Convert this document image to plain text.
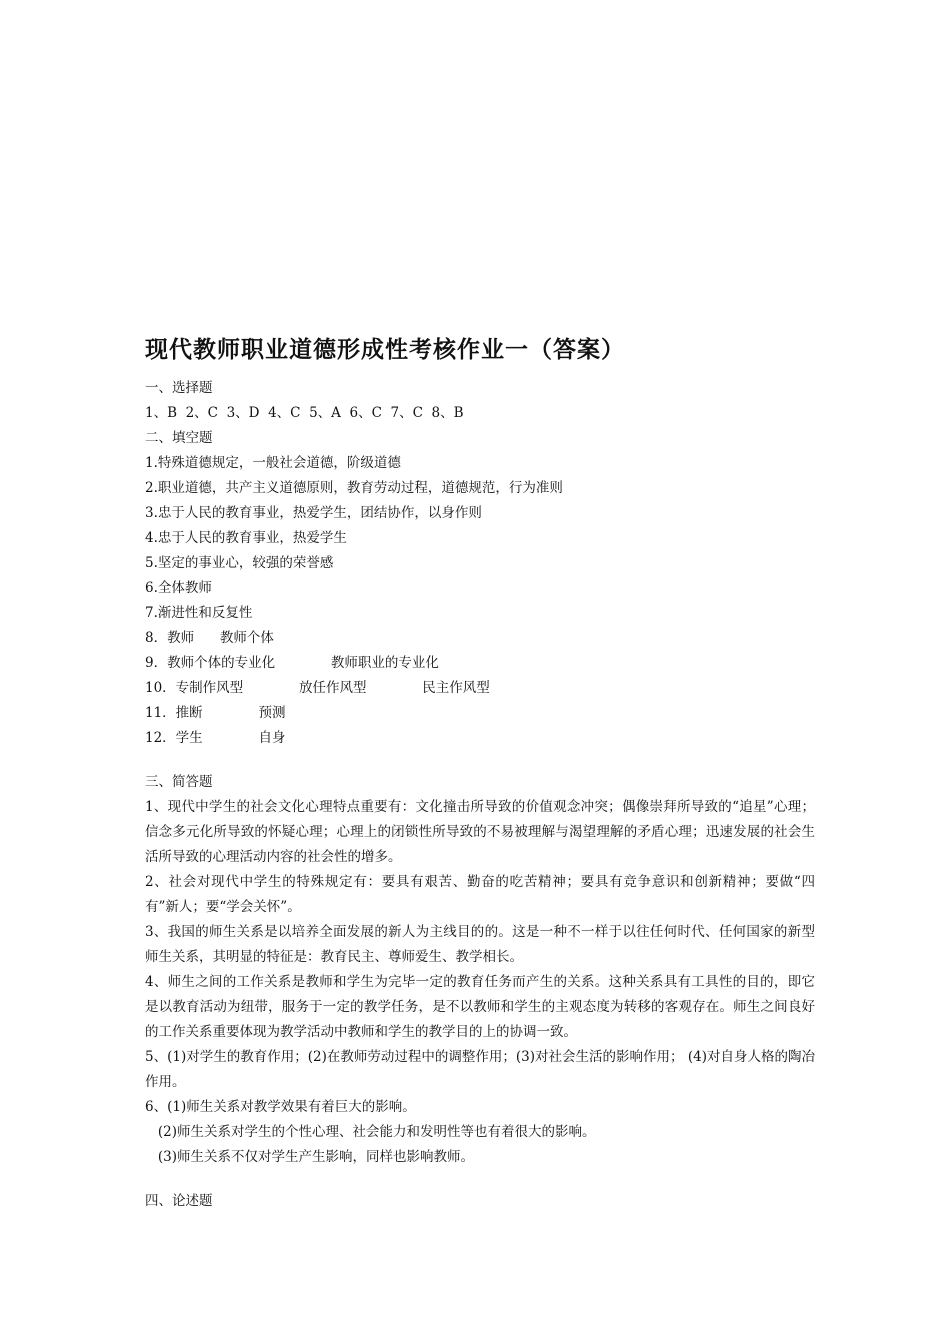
现代教师职业道德形成性考核作业一（答案）

一、选择题

1、B  2、C  3、D  4、C  5、A  6、C  7、C  8、B

二、填空题

1.特殊道德规定，一般社会道德，阶级道德

2.职业道德，共产主义道德原则，教育劳动过程，道德规范，行为准则

3.忠于人民的教育事业，热爱学生，团结协作，以身作则

4.忠于人民的教育事业，热爱学生

5.坚定的事业心，较强的荣誉感

6.全体教师

7.渐进性和反复性

8．教师      教师个体

9．教师个体的专业化             教师职业的专业化

10．专制作风型             放任作风型             民主作风型

11．推断             预测

12．学生             自身

三、简答题

1、现代中学生的社会文化心理特点重要有：文化撞击所导致的价值观念冲突；偶像崇拜所导致的“追星”心理；信念多元化所导致的怀疑心理；心理上的闭锁性所导致的不易被理解与渴望理解的矛盾心理；迅速发展的社会生活所导致的心理活动内容的社会性的增多。

2、社会对现代中学生的特殊规定有：要具有艰苦、勤奋的吃苦精神；要具有竞争意识和创新精神；要做“四有”新人；要“学会关怀”。

3、我国的师生关系是以培养全面发展的新人为主线目的的。这是一种不一样于以往任何时代、任何国家的新型师生关系，其明显的特征是：教育民主、尊师爱生、教学相长。

4、师生之间的工作关系是教师和学生为完毕一定的教育任务而产生的关系。这种关系具有工具性的目的，即它是以教育活动为纽带，服务于一定的教学任务，是不以教师和学生的主观态度为转移的客观存在。师生之间良好的工作关系重要体现为教学活动中教师和学生的教学目的上的协调一致。

5、(1)对学生的教育作用；(2)在教师劳动过程中的调整作用；(3)对社会生活的影响作用； (4)对自身人格的陶冶作用。

6、(1)师生关系对教学效果有着巨大的影响。

(2)师生关系对学生的个性心理、社会能力和发明性等也有着很大的影响。

(3)师生关系不仅对学生产生影响，同样也影响教师。

四、论述题
